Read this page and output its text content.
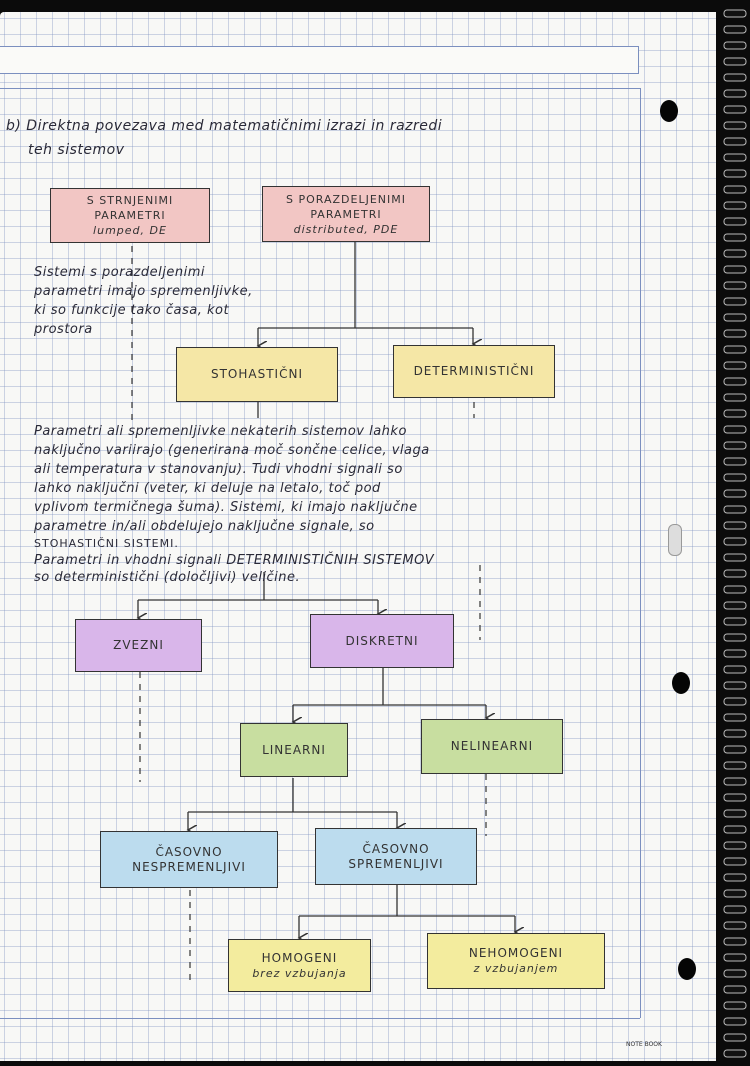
b) Direktna povezava med matematičnimi izrazi in razredi
teh sistemov
S STRNJENIMI
PARAMETRI
lumped, DE
S PORAZDELJENIMI
PARAMETRI
distributed, PDE
Sistemi s porazdeljenimi
parametri imajo spremenljivke,
ki so funkcije tako časa, kot
prostora
STOHASTIČNI	DETERMINISTIČNI
Parametri ali spremenljivke nekaterih sistemov lahko
naključno variirajo (generirana moč sončne celice, vlaga
ali temperatura v stanovanju). Tudi vhodni signali so
lahko naključni (veter, ki deluje na letalo, toč pod
vplivom termičnega šuma). Sistemi, ki imajo naključne
parametre in/ali obdelujejo naključne signale, so
STOHASTIČNI SISTEMI.
Parametri in vhodni signali DETERMINISTIČNIH SISTEMOV
so deterministični (določljivi) veličine.
ZVEZNI	DISKRETNI
LINEARNI	NELINEARNI
ČASOVNO
NESPREMENLJIVI
ČASOVNO
SPREMENLJIVI
HOMOGENI
brez vzbujanja
NEHOMOGENI
z vzbujanjem
NOTE BOOK
